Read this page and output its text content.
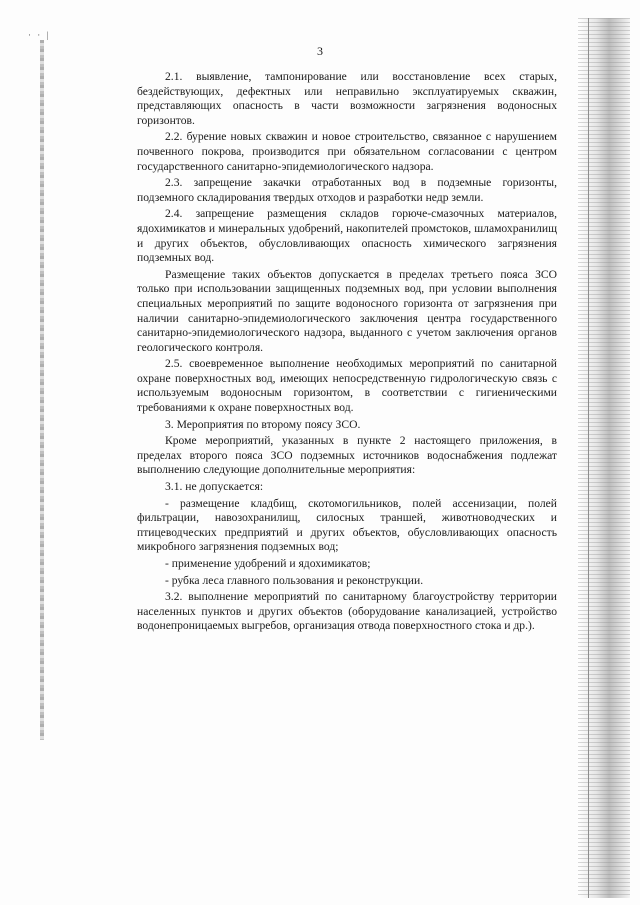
· · |
3

2.1. выявление, тампонирование или восстановление всех старых, бездействующих, дефектных или неправильно эксплуатируемых скважин, представляющих опасность в части возможности загрязнения водоносных горизонтов.

2.2. бурение новых скважин и новое строительство, связанное с нарушением почвенного покрова, производится при обязательном согласовании с центром государственного санитарно-эпидемиологического надзора.

2.3. запрещение закачки отработанных вод в подземные горизонты, подземного складирования твердых отходов и разработки недр земли.

2.4. запрещение размещения складов горюче-смазочных материалов, ядохимикатов и минеральных удобрений, накопителей промстоков, шламохранилищ и других объектов, обусловливающих опасность химического загрязнения подземных вод.

Размещение таких объектов допускается в пределах третьего пояса ЗСО только при использовании защищенных подземных вод, при условии выполнения специальных мероприятий по защите водоносного горизонта от загрязнения при наличии санитарно-эпидемиологического заключения центра государственного санитарно-эпидемиологического надзора, выданного с учетом заключения органов геологического контроля.

2.5. своевременное выполнение необходимых мероприятий по санитарной охране поверхностных вод, имеющих непосредственную гидрологическую связь с используемым водоносным горизонтом, в соответствии с гигиеническими требованиями к охране поверхностных вод.

3. Мероприятия по второму поясу ЗСО.

Кроме мероприятий, указанных в пункте 2 настоящего приложения, в пределах второго пояса ЗСО подземных источников водоснабжения подлежат выполнению следующие дополнительные мероприятия:

3.1. не допускается:

- размещение кладбищ, скотомогильников, полей ассенизации, полей фильтрации, навозохранилищ, силосных траншей, животноводческих и птицеводческих предприятий и других объектов, обусловливающих опасность микробного загрязнения подземных вод;

- применение удобрений и ядохимикатов;

- рубка леса главного пользования и реконструкции.

3.2. выполнение мероприятий по санитарному благоустройству территории населенных пунктов и других объектов (оборудование канализацией, устройство водонепроницаемых выгребов, организация отвода поверхностного стока и др.).
